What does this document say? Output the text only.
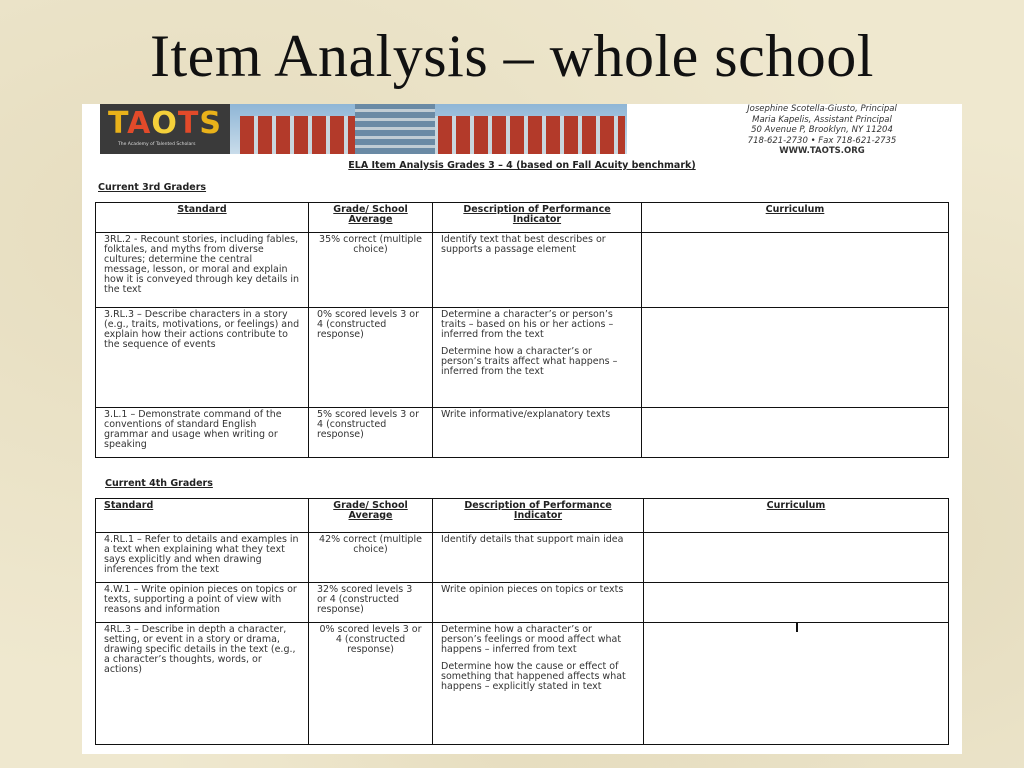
Item Analysis – whole school
TAOTS
The Academy of Talented Scholars
Josephine Scotella-Giusto, Principal
Maria Kapelis, Assistant Principal
50 Avenue P, Brooklyn, NY 11204
718-621-2730 • Fax 718-621-2735
WWW.TAOTS.ORG
ELA Item Analysis Grades 3 – 4 (based on Fall Acuity benchmark)
Current 3rd Graders
Standard	Grade/ School Average	Description of Performance Indicator	Curriculum
3RL.2 - Recount stories, including fables, folktales, and myths from diverse cultures; determine the central message, lesson, or moral and explain how it is conveyed through key details in the text	35% correct (multiple choice)	Identify text that best describes or supports a passage element	

3.RL.3 – Describe characters in a story (e.g., traits, motivations, or feelings) and explain how their actions contribute to the sequence of events	0% scored levels 3 or 4 (constructed response)	Determine a character’s or person’s traits – based on his or her actions – inferred from the text

Determine how a character’s or person’s traits affect what happens – inferred from the text	

3.L.1 – Demonstrate command of the conventions of standard English grammar and usage when writing or speaking	5% scored levels 3 or 4 (constructed response)	Write informative/explanatory texts	

Current 4th Graders
Standard	Grade/ School Average	Description of Performance Indicator	Curriculum
4.RL.1 – Refer to details and examples in a text when explaining what they text says explicitly and when drawing inferences from the text	42% correct (multiple choice)	Identify details that support main idea	

4.W.1 – Write opinion pieces on topics or texts, supporting a point of view with reasons and information	32% scored levels 3 or 4 (constructed response)	Write opinion pieces on topics or texts	

4RL.3 – Describe in depth a character, setting, or event in a story or drama, drawing specific details in the text (e.g., a character’s thoughts, words, or actions)	0% scored levels 3 or 4 (constructed response)	Determine how a character’s or person’s feelings or mood affect what happens – inferred from text

Determine how the cause or effect of something that happened affects what happens – explicitly stated in text	
